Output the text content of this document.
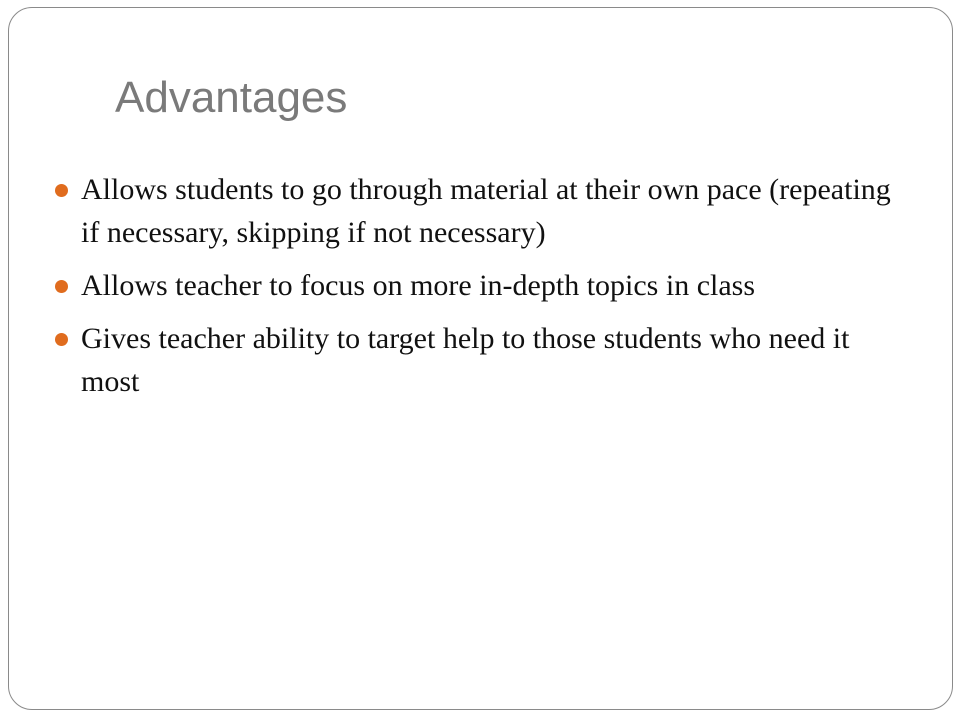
Advantages
Allows students to go through material at their own pace (repeating if necessary, skipping if not necessary)
Allows teacher to focus on more in-depth topics in class
Gives teacher ability to target help to those students who need it most
